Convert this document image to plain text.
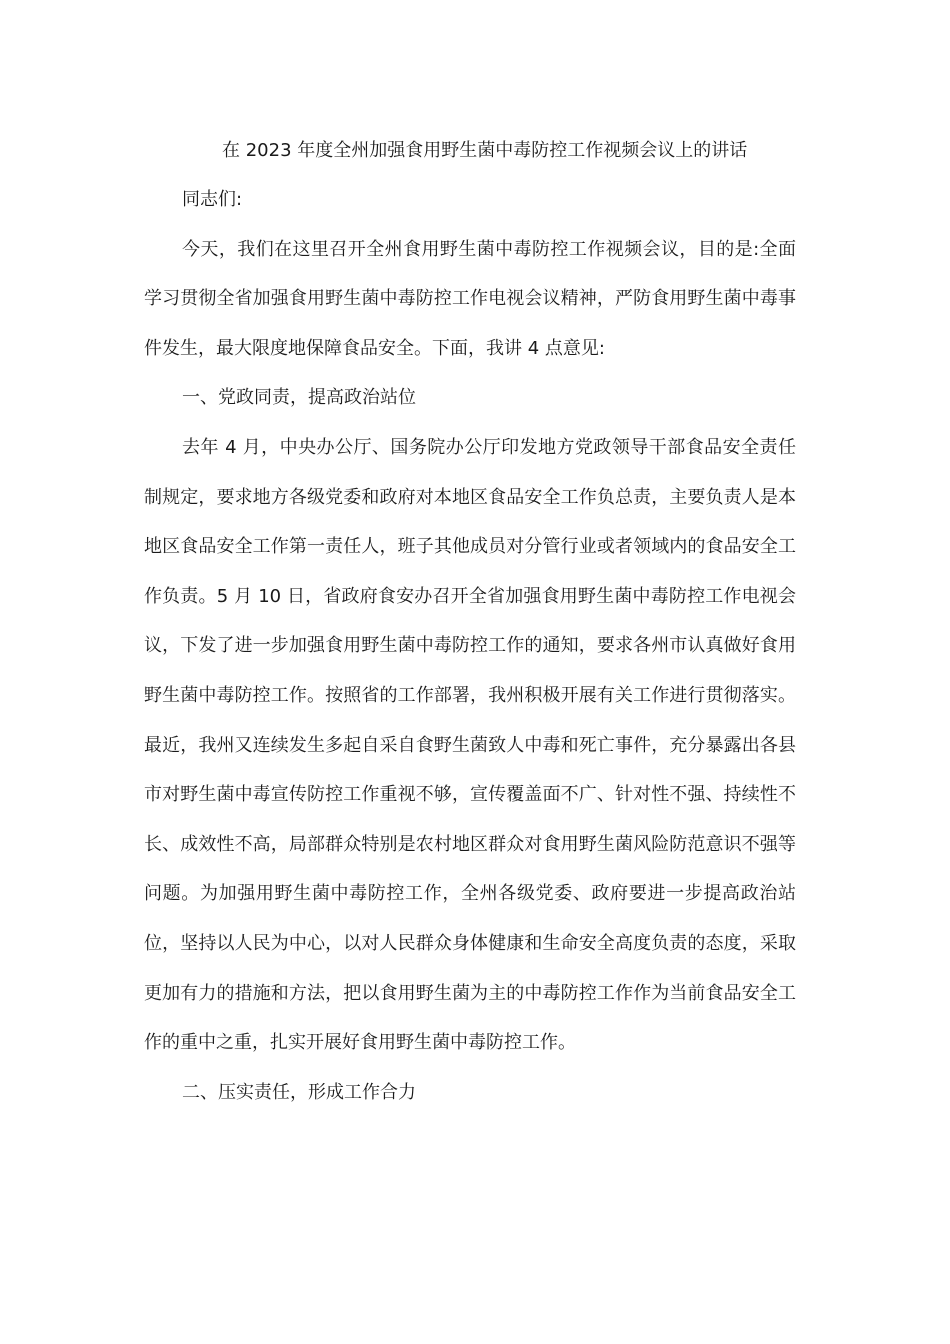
在 2023 年度全州加强食用野生菌中毒防控工作视频会议上的讲话

同志们:

今天，我们在这里召开全州食用野生菌中毒防控工作视频会议，目的是:全面学习贯彻全省加强食用野生菌中毒防控工作电视会议精神，严防食用野生菌中毒事件发生，最大限度地保障食品安全。下面，我讲 4 点意见:

一、党政同责，提高政治站位

去年 4 月，中央办公厅、国务院办公厅印发地方党政领导干部食品安全责任制规定，要求地方各级党委和政府对本地区食品安全工作负总责，主要负责人是本地区食品安全工作第一责任人，班子其他成员对分管行业或者领域内的食品安全工作负责。5 月 10 日，省政府食安办召开全省加强食用野生菌中毒防控工作电视会议，下发了进一步加强食用野生菌中毒防控工作的通知，要求各州市认真做好食用野生菌中毒防控工作。按照省的工作部署，我州积极开展有关工作进行贯彻落实。最近，我州又连续发生多起自采自食野生菌致人中毒和死亡事件，充分暴露出各县市对野生菌中毒宣传防控工作重视不够，宣传覆盖面不广、针对性不强、持续性不长、成效性不高，局部群众特别是农村地区群众对食用野生菌风险防范意识不强等问题。为加强用野生菌中毒防控工作，全州各级党委、政府要进一步提高政治站位，坚持以人民为中心，以对人民群众身体健康和生命安全高度负责的态度，采取更加有力的措施和方法，把以食用野生菌为主的中毒防控工作作为当前食品安全工作的重中之重，扎实开展好食用野生菌中毒防控工作。

二、压实责任，形成工作合力
